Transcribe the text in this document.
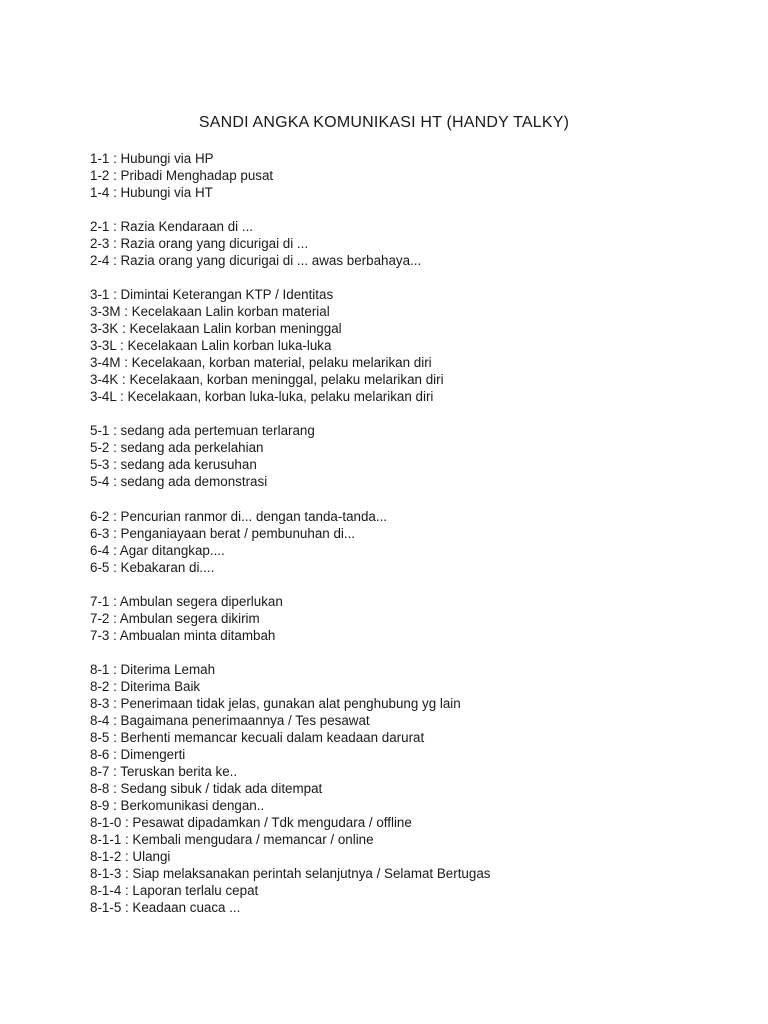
SANDI ANGKA KOMUNIKASI HT (HANDY TALKY)
1-1 : Hubungi via HP
1-2 : Pribadi Menghadap pusat
1-4 : Hubungi via HT
2-1 : Razia Kendaraan di ...
2-3 : Razia orang yang dicurigai di ...
2-4 : Razia orang yang dicurigai di ... awas berbahaya...
3-1 : Dimintai Keterangan KTP / Identitas
3-3M : Kecelakaan Lalin korban material
3-3K : Kecelakaan Lalin korban meninggal
3-3L : Kecelakaan Lalin korban luka-luka
3-4M : Kecelakaan, korban material, pelaku melarikan diri
3-4K : Kecelakaan, korban meninggal, pelaku melarikan diri
3-4L : Kecelakaan, korban luka-luka, pelaku melarikan diri
5-1 : sedang ada pertemuan terlarang
5-2 : sedang ada perkelahian
5-3 : sedang ada kerusuhan
5-4 : sedang ada demonstrasi
6-2 : Pencurian ranmor di... dengan tanda-tanda...
6-3 : Penganiayaan berat / pembunuhan di...
6-4 : Agar ditangkap....
6-5 : Kebakaran di....
7-1 : Ambulan segera diperlukan
7-2 : Ambulan segera dikirim
7-3 : Ambualan minta ditambah
8-1 : Diterima Lemah
8-2 : Diterima Baik
8-3 : Penerimaan tidak jelas, gunakan alat penghubung yg lain
8-4 : Bagaimana penerimaannya / Tes pesawat
8-5 : Berhenti memancar kecuali dalam keadaan darurat
8-6 : Dimengerti
8-7 : Teruskan berita ke..
8-8 : Sedang sibuk / tidak ada ditempat
8-9 : Berkomunikasi dengan..
8-1-0 : Pesawat dipadamkan / Tdk mengudara / offline
8-1-1 : Kembali mengudara / memancar / online
8-1-2 : Ulangi
8-1-3 : Siap melaksanakan perintah selanjutnya / Selamat Bertugas
8-1-4 : Laporan terlalu cepat
8-1-5 : Keadaan cuaca ...
